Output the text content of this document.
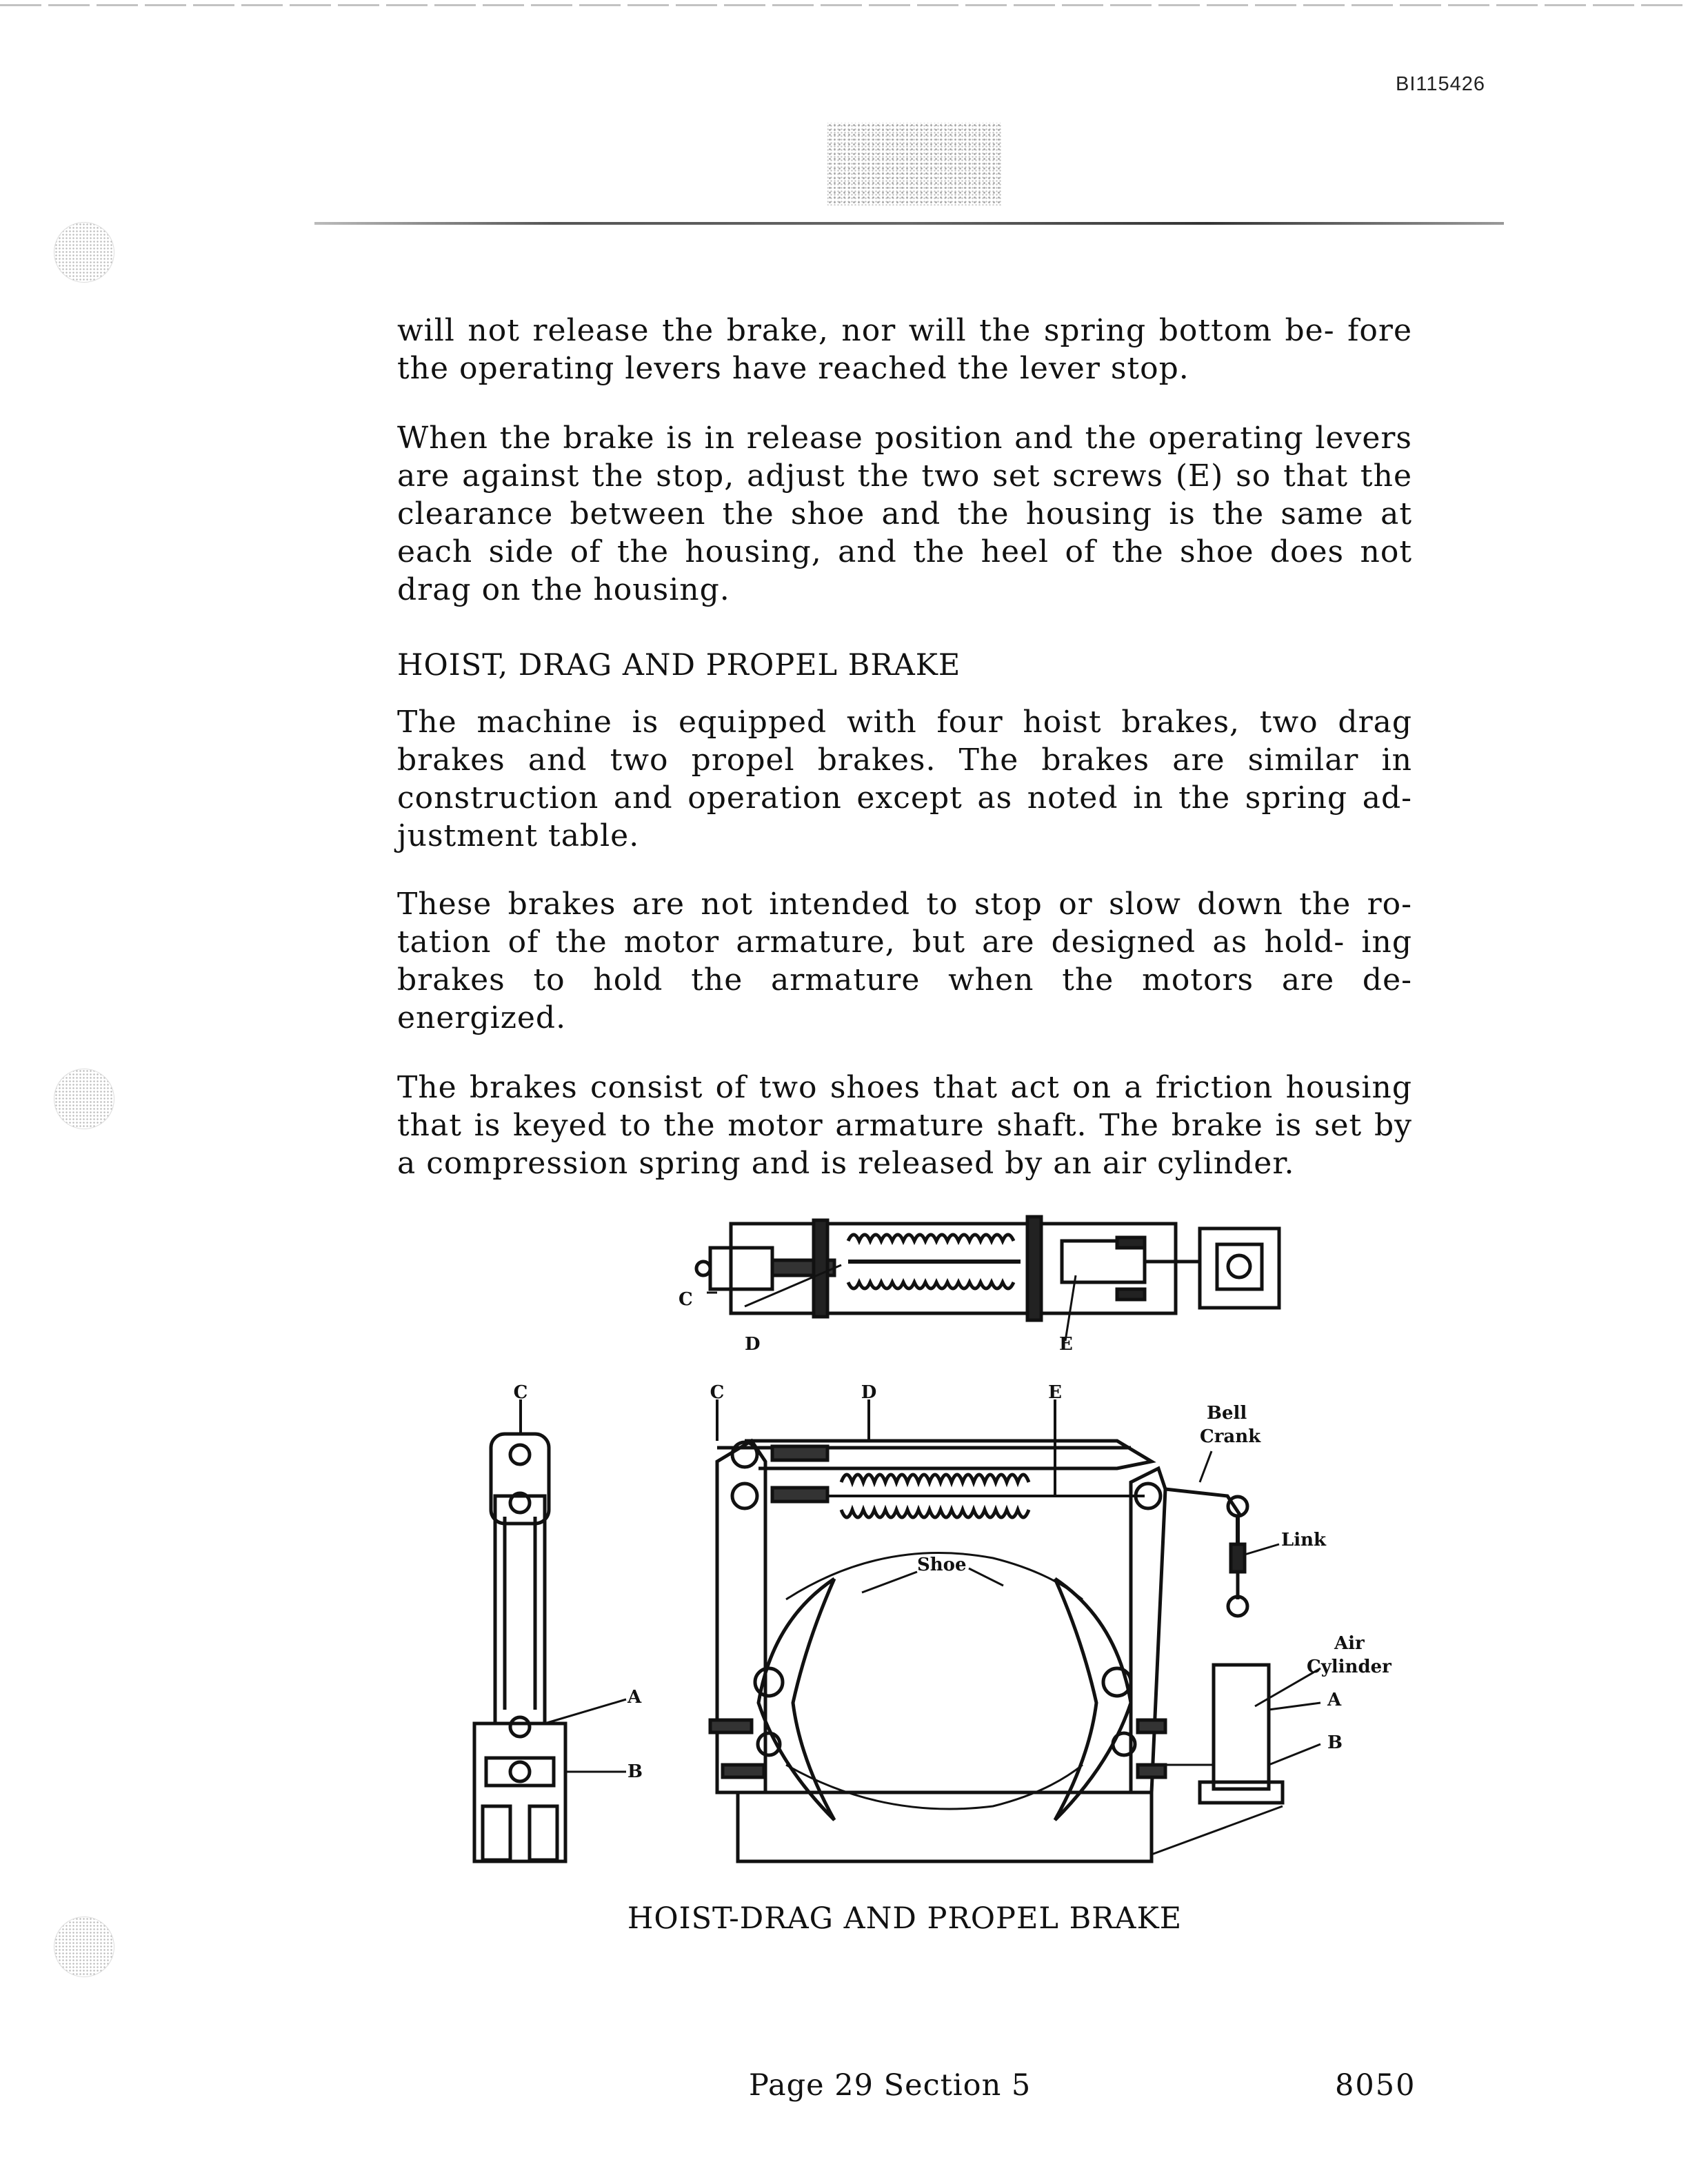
BI115426

will not release the brake, nor will the spring bottom be- fore the operating levers have reached the lever stop.

When the brake is in release position and the operating levers are against the stop, adjust the two set screws (E) so that the clearance between the shoe and the housing is the same at each side of the housing, and the heel of the shoe does not drag on the housing.

HOIST, DRAG AND PROPEL BRAKE

The machine is equipped with four hoist brakes, two drag brakes and two propel brakes. The brakes are similar in construction and operation except as noted in the spring ad- justment table.

These brakes are not intended to stop or slow down the ro- tation of the motor armature, but are designed as hold- ing brakes to hold the armature when the motors are de- energized.

The brakes consist of two shoes that act on a friction housing that is keyed to the motor armature shaft. The brake is set by a compression spring and is released by an air cylinder.

C
D	E
C
A
B
C	D	E
Bell
Crank
Link
Shoe
Air
Cylinder
A
B
HOIST-DRAG AND PROPEL BRAKE
Page 29 Section 5	8050
